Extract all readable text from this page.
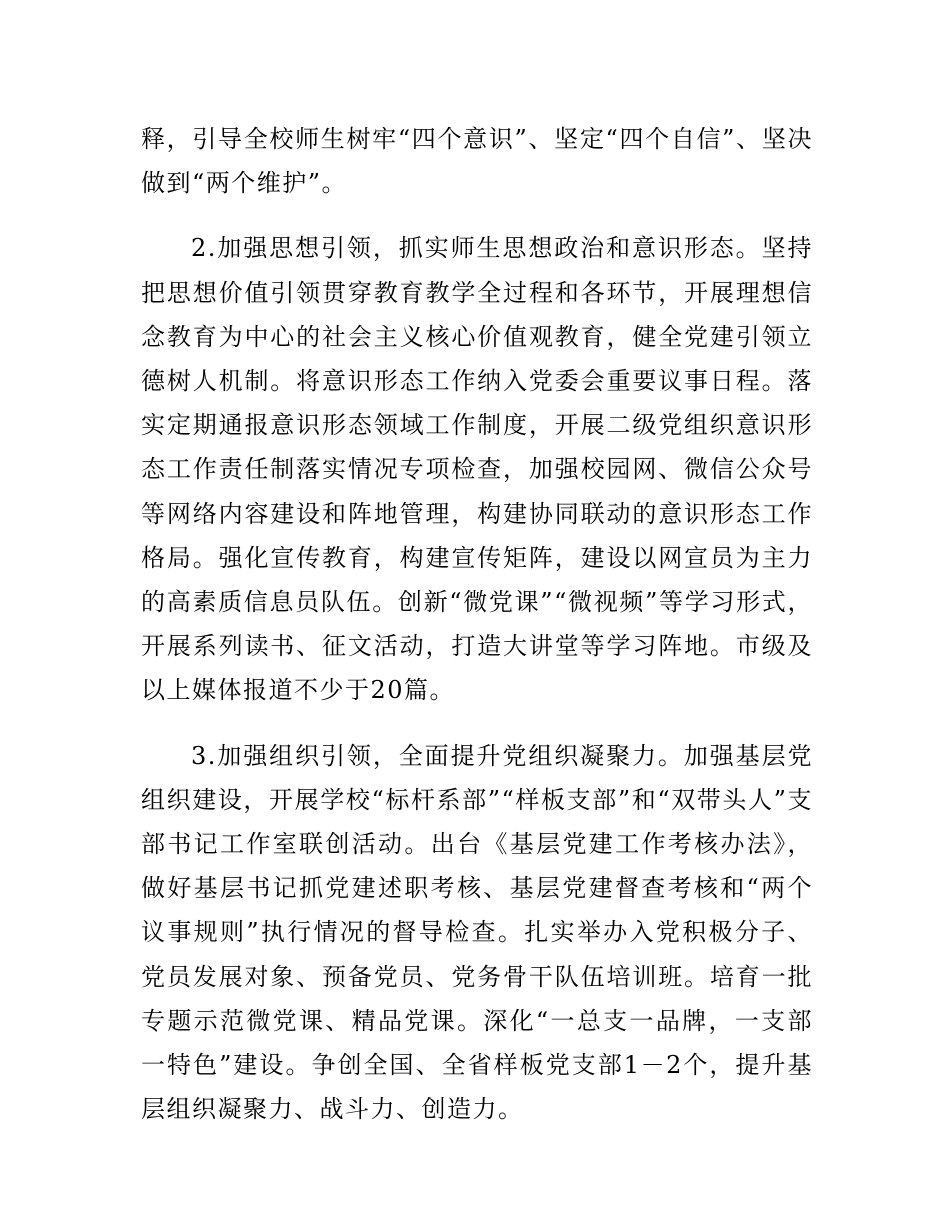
释，引导全校师生树牢“四个意识”、坚定“四个自信”、坚决做到“两个维护”。

2.加强思想引领，抓实师生思想政治和意识形态。坚持把思想价值引领贯穿教育教学全过程和各环节，开展理想信念教育为中心的社会主义核心价值观教育，健全党建引领立德树人机制。将意识形态工作纳入党委会重要议事日程。落实定期通报意识形态领域工作制度，开展二级党组织意识形态工作责任制落实情况专项检查，加强校园网、微信公众号等网络内容建设和阵地管理，构建协同联动的意识形态工作格局。强化宣传教育，构建宣传矩阵，建设以网宣员为主力的高素质信息员队伍。创新“微党课”“微视频”等学习形式，开展系列读书、征文活动，打造大讲堂等学习阵地。市级及以上媒体报道不少于20篇。

3.加强组织引领，全面提升党组织凝聚力。加强基层党组织建设，开展学校“标杆系部”“样板支部”和“双带头人”支部书记工作室联创活动。出台《基层党建工作考核办法》，做好基层书记抓党建述职考核、基层党建督查考核和“两个议事规则”执行情况的督导检查。扎实举办入党积极分子、党员发展对象、预备党员、党务骨干队伍培训班。培育一批专题示范微党课、精品党课。深化“一总支一品牌，一支部一特色”建设。争创全国、全省样板党支部1－2个，提升基层组织凝聚力、战斗力、创造力。
